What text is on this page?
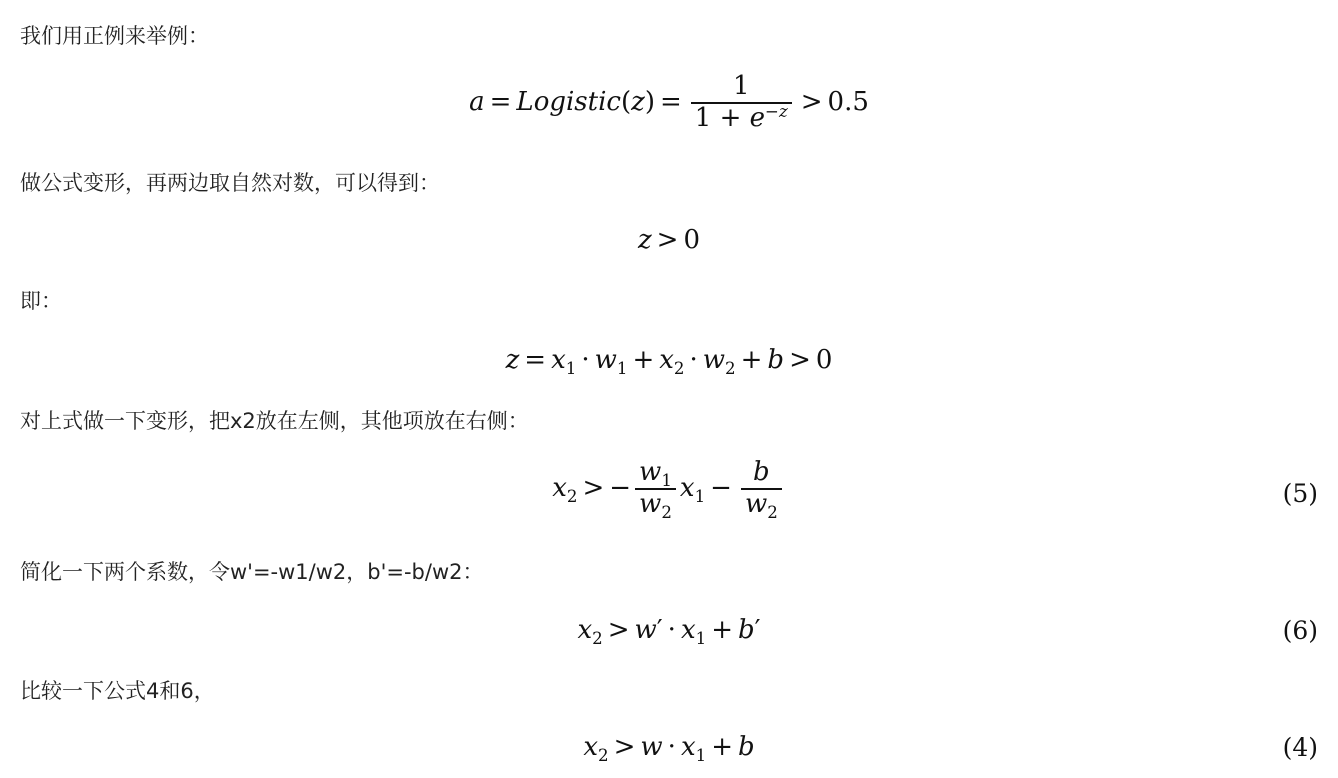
我们用正例来举例：
做公式变形，再两边取自然对数，可以得到：
即：
对上式做一下变形，把x2放在左侧，其他项放在右侧：
简化一下两个系数，令w'=-w1/w2，b'=-b/w2：
比较一下公式4和6，
a = Logistic(z) = $\frac{1}{1 + e^{-z}} > 0.5$
z > 0
$z = x_1 \cdot w_1 + x_2 \cdot w_2 + b > 0$
$x_2$ > − $\frac{w_1}{w_2} x_1 - \frac{b}{w_2}$	(5)
$x_2 > w' \cdot x_1 + b'$	(6)
$x_2 > w \cdot x_1 + b$	(4)
